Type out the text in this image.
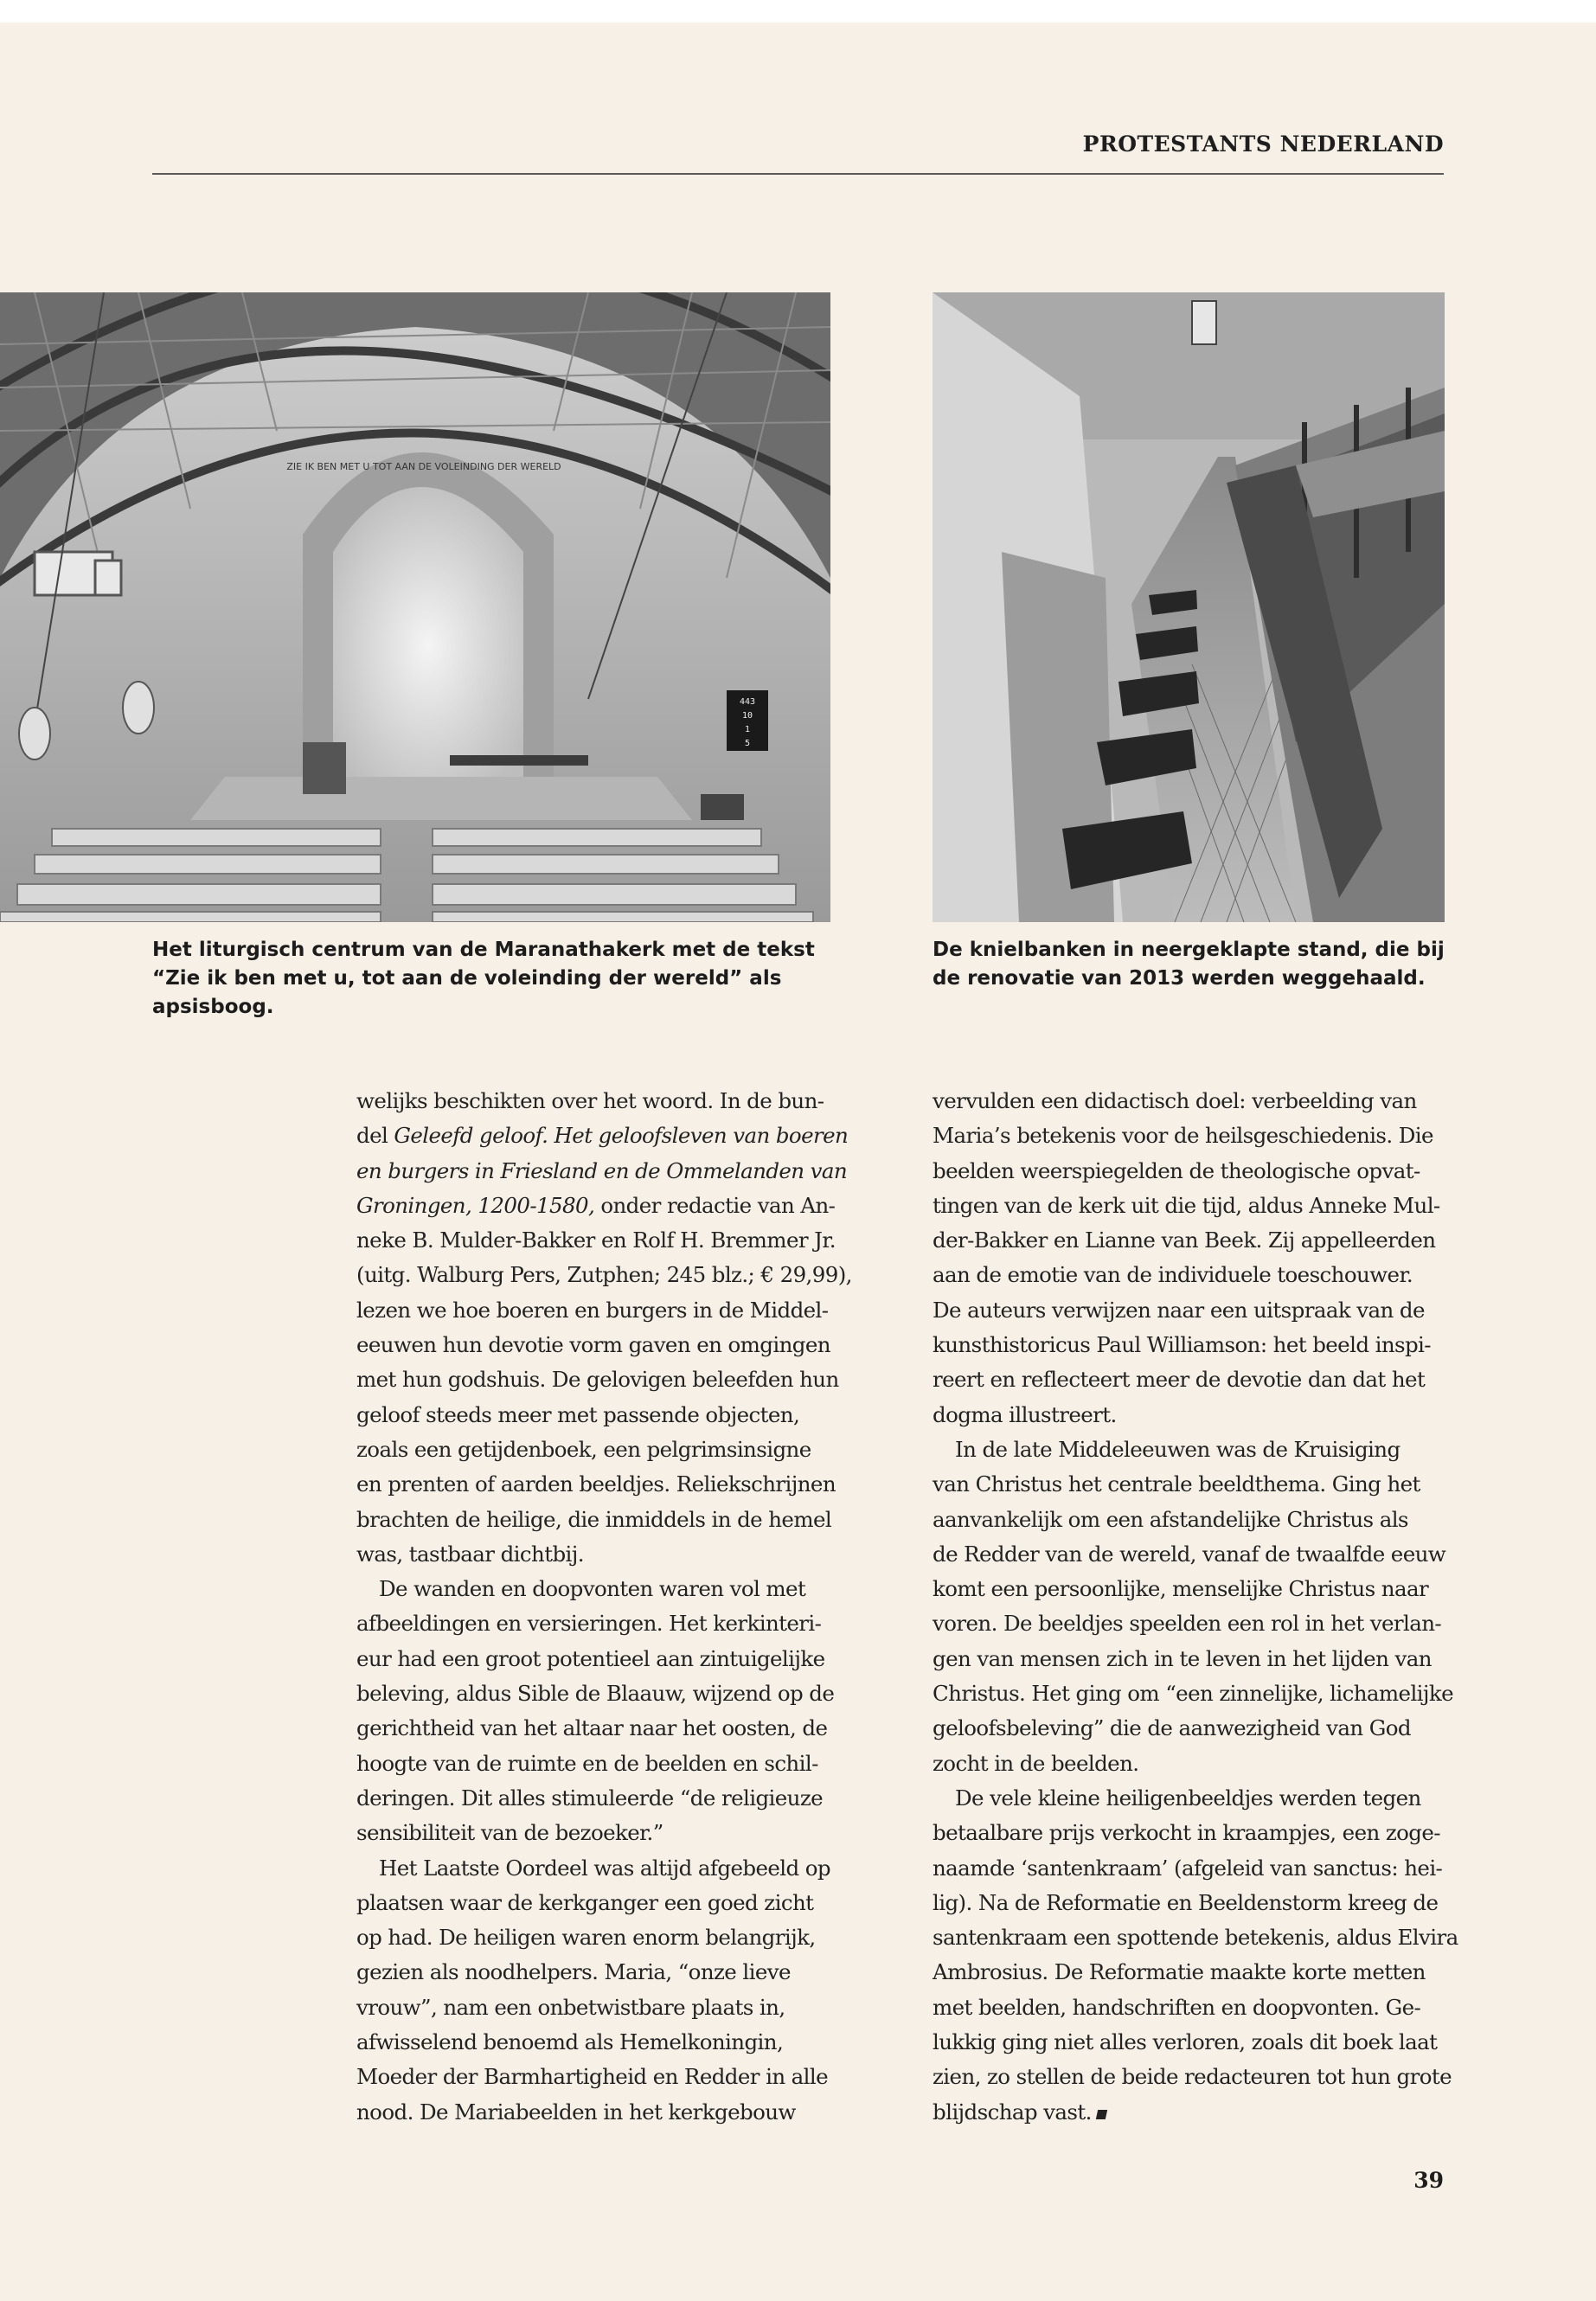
PROTESTANTS NEDERLAND
ZIE IK BEN MET U TOT AAN DE VOLEINDING DER WERELD
443
10
1
5
Het liturgisch centrum van de Maranathakerk met de tekst “Zie ik ben met u, tot aan de voleinding der wereld” als apsisboog.
De knielbanken in neergeklapte stand, die bij de renovatie van 2013 werden weggehaald.
welijks beschikten over het woord. In de bun-
del Geleefd geloof. Het geloofsleven van boeren
en burgers in Friesland en de Ommelanden van
Groningen, 1200-1580, onder redactie van An-
neke B. Mulder-Bakker en Rolf H. Bremmer Jr.
(uitg. Walburg Pers, Zutphen; 245 blz.; € 29,99),
lezen we hoe boeren en burgers in de Middel-
eeuwen hun devotie vorm gaven en omgingen
met hun godshuis. De gelovigen beleefden hun
geloof steeds meer met passende objecten,
zoals een getijdenboek, een pelgrimsinsigne
en prenten of aarden beeldjes. Reliekschrijnen
brachten de heilige, die inmiddels in de hemel
was, tastbaar dichtbij.
De wanden en doopvonten waren vol met
afbeeldingen en versieringen. Het kerkinteri-
eur had een groot potentieel aan zintuigelijke
beleving, aldus Sible de Blaauw, wijzend op de
gerichtheid van het altaar naar het oosten, de
hoogte van de ruimte en de beelden en schil-
deringen. Dit alles stimuleerde “de religieuze
sensibiliteit van de bezoeker.”
Het Laatste Oordeel was altijd afgebeeld op
plaatsen waar de kerkganger een goed zicht
op had. De heiligen waren enorm belangrijk,
gezien als noodhelpers. Maria, “onze lieve
vrouw”, nam een onbetwistbare plaats in,
afwisselend benoemd als Hemelkoningin,
Moeder der Barmhartigheid en Redder in alle
nood. De Mariabeelden in het kerkgebouw
vervulden een didactisch doel: verbeelding van
Maria’s betekenis voor de heilsgeschiedenis. Die
beelden weerspiegelden de theologische opvat-
tingen van de kerk uit die tijd, aldus Anneke Mul-
der-Bakker en Lianne van Beek. Zij appelleerden
aan de emotie van de individuele toeschouwer.
De auteurs verwijzen naar een uitspraak van de
kunsthistoricus Paul Williamson: het beeld inspi-
reert en reflecteert meer de devotie dan dat het
dogma illustreert.
In de late Middeleeuwen was de Kruisiging
van Christus het centrale beeldthema. Ging het
aanvankelijk om een afstandelijke Christus als
de Redder van de wereld, vanaf de twaalfde eeuw
komt een persoonlijke, menselijke Christus naar
voren. De beeldjes speelden een rol in het verlan-
gen van mensen zich in te leven in het lijden van
Christus. Het ging om “een zinnelijke, lichamelijke
geloofsbeleving” die de aanwezigheid van God
zocht in de beelden.
De vele kleine heiligenbeeldjes werden tegen
betaalbare prijs verkocht in kraampjes, een zoge-
naamde ‘santenkraam’ (afgeleid van sanctus: hei-
lig). Na de Reformatie en Beeldenstorm kreeg de
santenkraam een spottende betekenis, aldus Elvira
Ambrosius. De Reformatie maakte korte metten
met beelden, handschriften en doopvonten. Ge-
lukkig ging niet alles verloren, zoals dit boek laat
zien, zo stellen de beide redacteuren tot hun grote
blijdschap vast.
39
